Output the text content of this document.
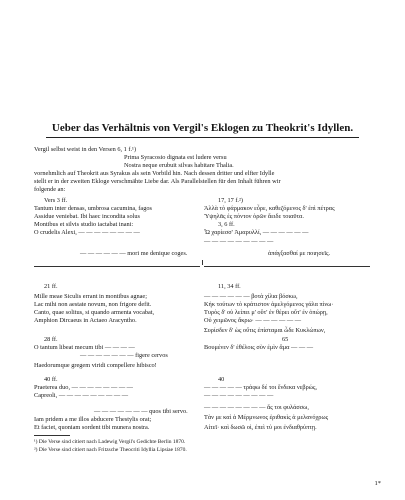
Ueber das Verhältnis von Vergil's Eklogen zu Theokrit's Idyllen.
Vergil selbst weist in den Versen 6, 1 f.¹)
Prima Syracosio dignata est ludere versu
Nostra neque erubuit silvas habitare Thalia.
vornehmlich auf Theokrit aus Syrakus als sein Vorbild hin. Nach dessen dritter und elfter Idylle
stellt er in der zweiten Ekloge verschmähte Liebe dar. Als Parallelstellen für den Inhalt führen wir
folgende an:
Vers 3 ff.
Tantum inter densas, umbrosa cacumina, fagos
Assidue veniebat. Ibi haec incondita solus
Montibus et silvis studio iactabat inani:
O crudelis Alexi, — — — — — — — —
— — — — — — mori me denique coges.
21 ff.
Mille meae Siculis errant in montibus agnae;
Lac mihi non aestate novum, non frigore defit.
Canto, quae solitus, si quando armenta vocabat,
Amphion Dircaeus in Actaeo Aracyntho.
28 ff.
O tantum libeat mecum tibi — — — —
— — — — — — — figere cervos
Haedorumque gregem viridi compellere hibisco!
40 ff.
Praeterea duo, — — — — — — — —
Capreoli, — — — — — — — — —
— — — — — — — quos tibi servo.
Iam pridem a me illos abducere Thestylis orat;
Et faciet, quoniam sordent tibi munera nostra.
17, 17 f.²)
Ἀλλὰ τὸ φάρμακον εὗρε, καθεζόμενος δ' ἐπὶ πέτρας
Ὑψηλᾶς ἐς πόντον ὁρῶν ἄειδε τοιαῦτα.
3, 6 ff.
Ὦ χαρίεσσ' Ἀμαρυλλί, — — — — — —
— — — — — — — — —
ἀπάγξασθαί με ποιησεῖς.
11, 34 ff.
— — — — — — βοτὰ χίλια βόσκω,
Κἠκ τούτων τὸ κράτιστον ἀμελγόμενος γάλα πίνω·
Τυρὸς δ' οὐ λείπει μ' οὔτ' ἐν θέρει οὔτ' ἐν ὀπώρῃ,
Οὐ χειμῶνος ἄκρω· — — — — — —
Συρίσδεν δ' ὡς οὔτις ἐπίσταμαι ὧδε Κυκλώπων,
65
Βουμένεν δ' ἐθέλοις σὺν ἐμὶν ἅμα — — —
40
— — — — — τράφω δέ τοι ἕνδεκα νεβρώς,
— — — — — — — — —
— — — — — — — — ἅς τοι φυλάσσω,
Τὰν με καὶ ἁ Μέρμνωνος ἐριθακὶς ἁ μελανόχρως
Αἰτεῖ· καὶ δωσῶ οἱ, ἐπεὶ τὺ μοι ἐνδιαθρύπτῃ.
¹) Die Verse sind citiert nach Ladewig Vergil's Gedichte Berlin 1870.
²) Die Verse sind citiert nach Fritzsche Theocriti Idyllia Lipsiae 1870.
1*
